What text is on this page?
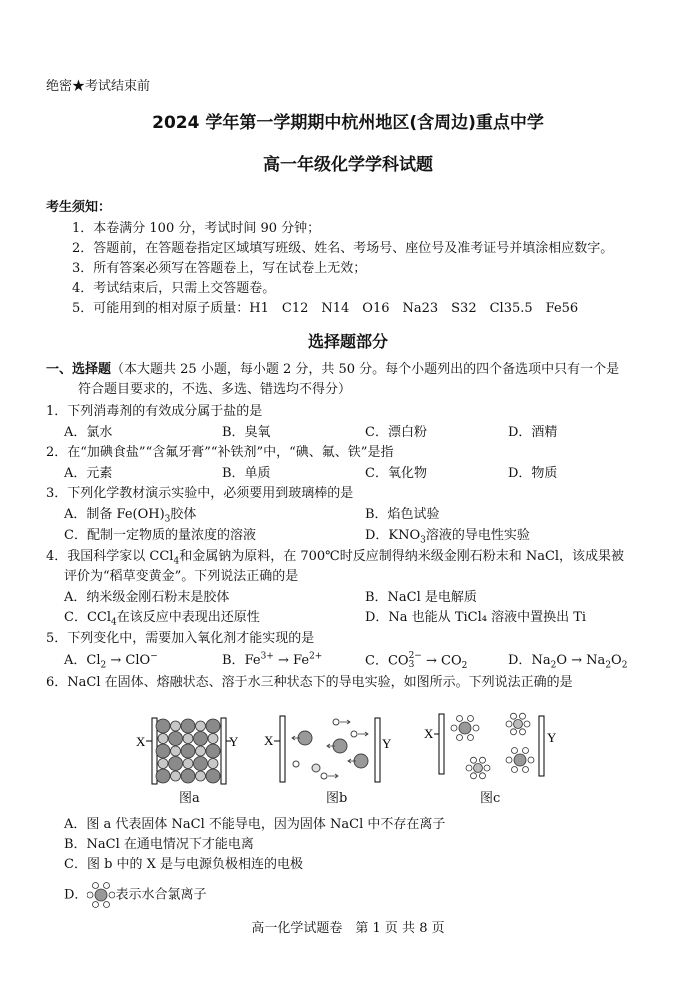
绝密★考试结束前
2024 学年第一学期期中杭州地区(含周边)重点中学
高一年级化学学科试题
考生须知：
1．本卷满分 100 分，考试时间 90 分钟；
2．答题前，在答题卷指定区域填写班级、姓名、考场号、座位号及准考证号并填涂相应数字。
3．所有答案必须写在答题卷上，写在试卷上无效；
4．考试结束后，只需上交答题卷。
5．可能用到的相对原子质量：H1　C12　N14　O16　Na23　S32　Cl35.5　Fe56
选择题部分
一、选择题（本大题共 25 小题，每小题 2 分，共 50 分。每个小题列出的四个备选项中只有一个是
符合题目要求的，不选、多选、错选均不得分）
1．下列消毒剂的有效成分属于盐的是
A．氯水	B．臭氧	C．漂白粉	D．酒精
2．在“加碘食盐”“含氟牙膏”“补铁剂”中，“碘、氟、铁”是指
A．元素	B．单质	C．氧化物	D．物质
3．下列化学教材演示实验中，必须要用到玻璃棒的是
A．制备 $Fe(OH)_3$胶体	B．焰色试验
C．配制一定物质的量浓度的溶液	D．$KNO_3$溶液的导电性实验
4．我国科学家以 CCl$_4$和金属钠为原料，在 700℃时反应制得纳米级金刚石粉末和 NaCl，该成果被
评价为“稻草变黄金”。下列说法正确的是
A．纳米级金刚石粉末是胶体	B．NaCl 是电解质
C．CCl$_4$在该反应中表现出还原性	D．Na 也能从 TiCl₄ 溶液中置换出 Ti
5．下列变化中，需要加入氧化剂才能实现的是
A．$Cl_2 \to ClO^-$	B．$Fe^{3+} \to Fe^{2+}$	C．CO 2−
$3 \to CO_2$	D．$Na_2O \to Na_2O_2$
6．NaCl 在固体、熔融状态、溶于水三种状态下的导电实验，如图所示。下列说法正确的是
X	Y
图a
X	Y
图b
X	Y
图c
A．图 a 代表固体 NaCl 不能导电，因为固体 NaCl 中不存在离子
B．NaCl 在通电情况下才能电离
C．图 b 中的 X 是与电源负极相连的电极
D． 表示水合氯离子
高一化学试题卷　第 1 页 共 8 页
